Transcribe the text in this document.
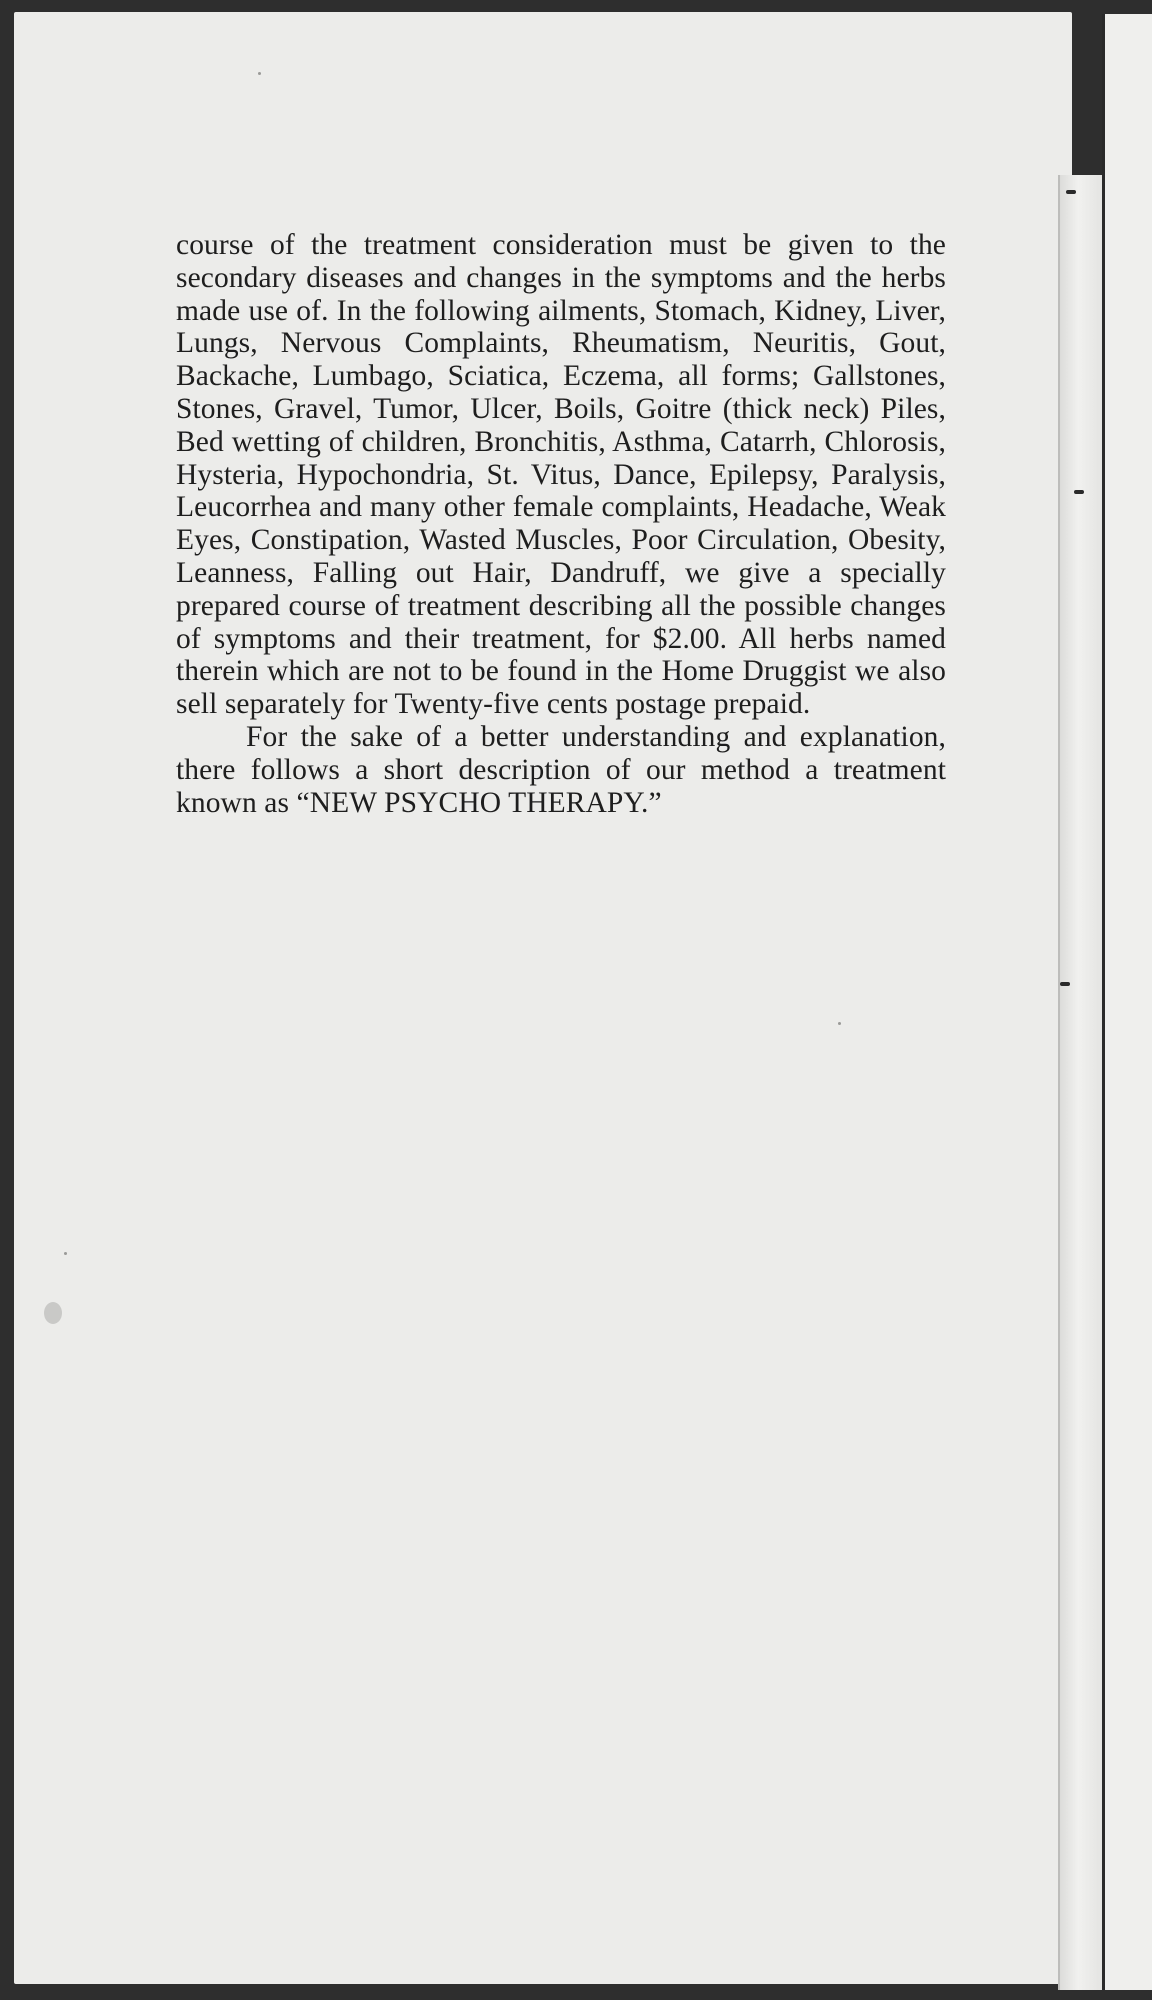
course of the treatment consideration must be given to the secondary diseases and changes in the symptoms and the herbs made use of. In the following ailments, Stomach, Kidney, Liver, Lungs, Nervous Complaints, Rheumatism, Neuritis, Gout, Backache, Lumbago, Sciatica, Eczema, all forms; Gallstones, Stones, Gravel, Tumor, Ulcer, Boils, Goitre (thick neck) Piles, Bed wetting of children, Bronchitis, Asthma, Catarrh, Chlorosis, Hysteria, Hypochondria, St. Vitus, Dance, Epilepsy, Paralysis, Leucorrhea and many other female complaints, Headache, Weak Eyes, Constipation, Wasted Muscles, Poor Circulation, Obesity, Leanness, Falling out Hair, Dandruff, we give a specially prepared course of treatment describing all the possible changes of symptoms and their treatment, for $2.00. All herbs named therein which are not to be found in the Home Druggist we also sell separately for Twenty-five cents postage prepaid.

For the sake of a better understanding and explanation, there follows a short description of our method a treatment known as “NEW PSYCHO THERAPY.”
